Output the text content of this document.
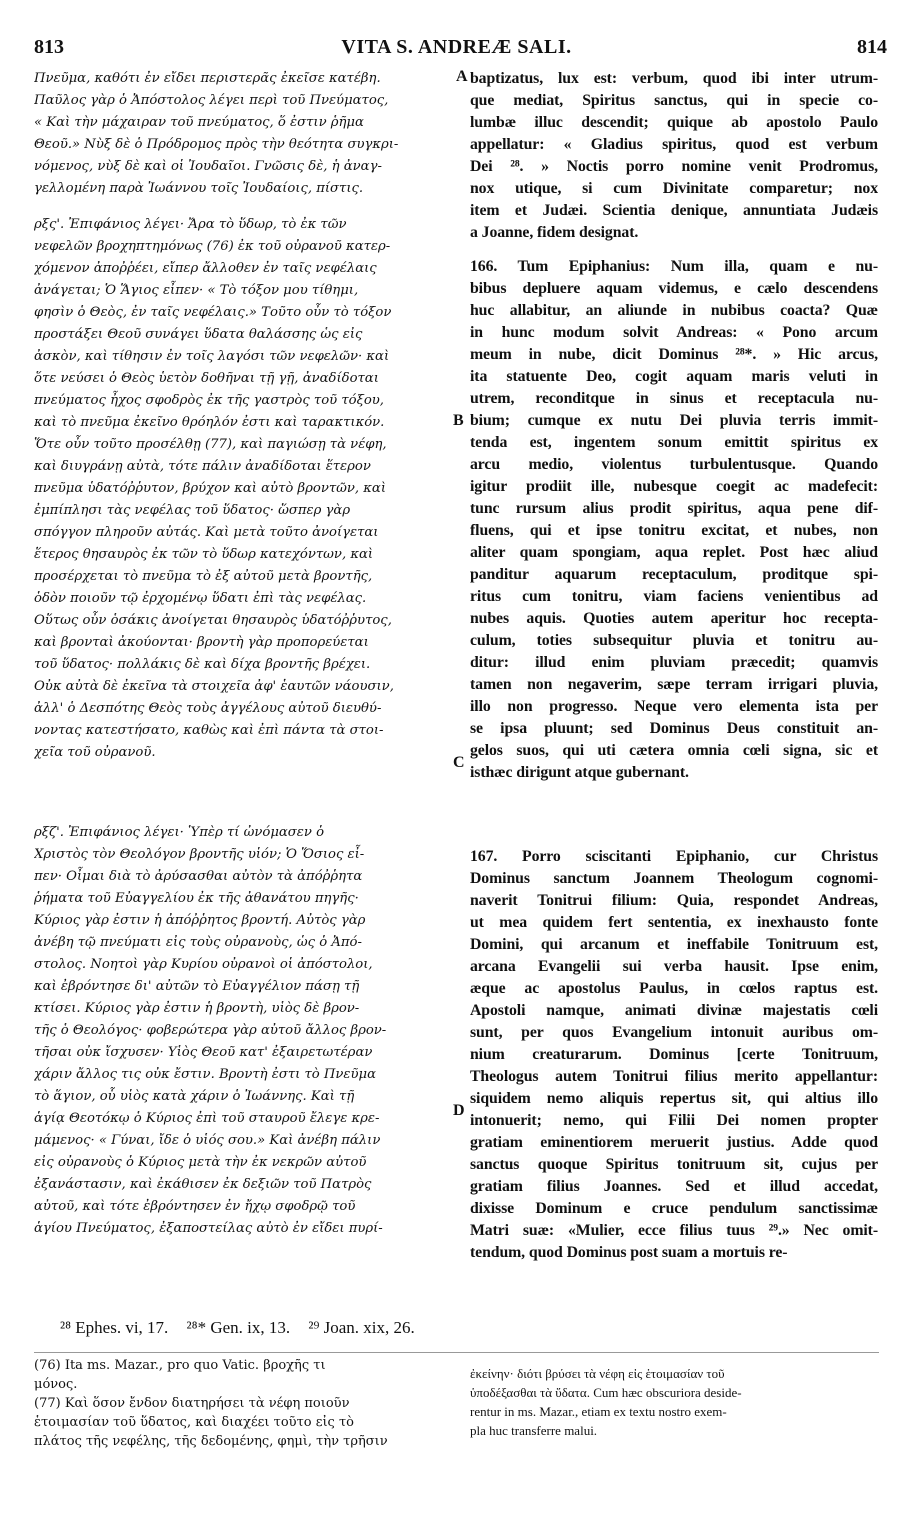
813	VITA S. ANDREÆ SALI.	814
Πνεῦμα, καθότι ἐν εἴδει περιστερᾶς ἐκεῖσε κατέβη.
Παῦλος γὰρ ὁ Ἀπόστολος λέγει περὶ τοῦ Πνεύματος,
« Καὶ τὴν μάχαιραν τοῦ πνεύματος, ὅ ἐστιν ῥῆμα
Θεοῦ.» Νὺξ δὲ ὁ Πρόδρομος πρὸς τὴν θεότητα συγκρι-
νόμενος, νὺξ δὲ καὶ οἱ Ἰουδαῖοι. Γνῶσις δὲ, ἡ ἀναγ-
γελλομένη παρὰ Ἰωάννου τοῖς Ἰουδαίοις, πίστις.
ρξς'. Ἐπιφάνιος λέγει· Ἄρα τὸ ὕδωρ, τὸ ἐκ τῶν
νεφελῶν βροχηπτημόνως (76) ἐκ τοῦ οὐρανοῦ κατερ-
χόμενον ἀποῤῥέει, εἴπερ ἄλλοθεν ἐν ταῖς νεφέλαις
ἀνάγεται; Ὁ Ἅγιος εἶπεν· « Τὸ τόξον μου τίθημι,
φησὶν ὁ Θεὸς, ἐν ταῖς νεφέλαις.» Τοῦτο οὖν τὸ τόξον
προστάξει Θεοῦ συνάγει ὕδατα θαλάσσης ὡς εἰς
ἀσκὸν, καὶ τίθησιν ἐν τοῖς λαγόσι τῶν νεφελῶν· καὶ
ὅτε νεύσει ὁ Θεὸς ὑετὸν δοθῆναι τῇ γῇ, ἀναδίδοται
πνεύματος ἦχος σφοδρὸς ἐκ τῆς γαστρὸς τοῦ τόξου,
καὶ τὸ πνεῦμα ἐκεῖνο θρόηλόν ἐστι καὶ ταρακτικόν.
Ὅτε οὖν τοῦτο προσέλθῃ (77), καὶ παγιώσῃ τὰ νέφη,
καὶ διυγράνῃ αὐτὰ, τότε πάλιν ἀναδίδοται ἕτερον
πνεῦμα ὑδατόῤῥυτον, βρύχον καὶ αὐτὸ βροντῶν, καὶ
ἐμπίπλησι τὰς νεφέλας τοῦ ὕδατος· ὥσπερ γὰρ
σπόγγον πληροῦν αὐτάς. Καὶ μετὰ τοῦτο ἀνοίγεται
ἕτερος θησαυρὸς ἐκ τῶν τὸ ὕδωρ κατεχόντων, καὶ
προσέρχεται τὸ πνεῦμα τὸ ἐξ αὐτοῦ μετὰ βροντῆς,
ὁδὸν ποιοῦν τῷ ἐρχομένῳ ὕδατι ἐπὶ τὰς νεφέλας.
Οὕτως οὖν ὁσάκις ἀνοίγεται θησαυρὸς ὑδατόῤῥυτος,
καὶ βρονταὶ ἀκούονται· βροντὴ γὰρ προπορεύεται
τοῦ ὕδατος· πολλάκις δὲ καὶ δίχα βροντῆς βρέχει.
Οὐκ αὐτὰ δὲ ἐκεῖνα τὰ στοιχεῖα ἀφ' ἑαυτῶν νάουσιν,
ἀλλ' ὁ Δεσπότης Θεὸς τοὺς ἀγγέλους αὐτοῦ διευθύ-
νοντας κατεστήσατο, καθὼς καὶ ἐπὶ πάντα τὰ στοι-
χεῖα τοῦ οὐρανοῦ.
ρξζ'. Ἐπιφάνιος λέγει· Ὑπὲρ τί ὠνόμασεν ὁ
Χριστὸς τὸν Θεολόγον βροντῆς υἱόν; Ὁ Ὅσιος εἶ-
πεν· Οἶμαι διὰ τὸ ἀρύσασθαι αὐτὸν τὰ ἀπόῤῥητα
ῥήματα τοῦ Εὐαγγελίου ἐκ τῆς ἀθανάτου πηγῆς·
Κύριος γὰρ ἐστιν ἡ ἀπόῤῥητος βροντή. Αὐτὸς γὰρ
ἀνέβη τῷ πνεύματι εἰς τοὺς οὐρανοὺς, ὡς ὁ Ἀπό-
στολος. Νοητοὶ γὰρ Κυρίου οὐρανοὶ οἱ ἀπόστολοι,
καὶ ἐβρόντησε δι' αὐτῶν τὸ Εὐαγγέλιον πάσῃ τῇ
κτίσει. Κύριος γὰρ ἐστιν ἡ βροντὴ, υἱὸς δὲ βρον-
τῆς ὁ Θεολόγος· φοβερώτερα γὰρ αὐτοῦ ἄλλος βρον-
τῆσαι οὐκ ἴσχυσεν· Υἱὸς Θεοῦ κατ' ἐξαιρετωτέραν
χάριν ἄλλος τις οὐκ ἔστιν. Βροντὴ ἐστι τὸ Πνεῦμα
τὸ ἅγιον, οὗ υἱὸς κατὰ χάριν ὁ Ἰωάννης. Καὶ τῇ
ἁγίᾳ Θεοτόκῳ ὁ Κύριος ἐπὶ τοῦ σταυροῦ ἔλεγε κρε-
μάμενος· « Γύναι, ἴδε ὁ υἱός σου.» Καὶ ἀνέβη πάλιν
εἰς οὐρανοὺς ὁ Κύριος μετὰ τὴν ἐκ νεκρῶν αὐτοῦ
ἐξανάστασιν, καὶ ἐκάθισεν ἐκ δεξιῶν τοῦ Πατρὸς
αὐτοῦ, καὶ τότε ἐβρόντησεν ἐν ἤχῳ σφοδρῷ τοῦ
ἁγίου Πνεύματος, ἐξαποστείλας αὐτὸ ἐν εἴδει πυρί-
baptizatus, lux est: verbum, quod ibi inter utrum-
que mediat, Spiritus sanctus, qui in specie co-
lumbæ illuc descendit; quique ab apostolo Paulo
appellatur: « Gladius spiritus, quod est verbum
Dei ²⁸. » Noctis porro nomine venit Prodromus,
nox utique, si cum Divinitate comparetur; nox
item et Judæi. Scientia denique, annuntiata Judæis
a Joanne, fidem designat.
166. Tum Epiphanius: Num illa, quam e nu-
bibus depluere aquam videmus, e cælo descendens
huc allabitur, an aliunde in nubibus coacta? Quæ
in hunc modum solvit Andreas: « Pono arcum
meum in nube, dicit Dominus ²⁸*. » Hic arcus,
ita statuente Deo, cogit aquam maris veluti in
utrem, reconditque in sinus et receptacula nu-
bium; cumque ex nutu Dei pluvia terris immit-
tenda est, ingentem sonum emittit spiritus ex
arcu medio, violentus turbulentusque. Quando
igitur prodiit ille, nubesque coegit ac madefecit:
tunc rursum alius prodit spiritus, aqua pene dif-
fluens, qui et ipse tonitru excitat, et nubes, non
aliter quam spongiam, aqua replet. Post hæc aliud
panditur aquarum receptaculum, proditque spi-
ritus cum tonitru, viam faciens venientibus ad
nubes aquis. Quoties autem aperitur hoc recepta-
culum, toties subsequitur pluvia et tonitru au-
ditur: illud enim pluviam præcedit; quamvis
tamen non negaverim, sæpe terram irrigari pluvia,
illo non progresso. Neque vero elementa ista per
se ipsa pluunt; sed Dominus Deus constituit an-
gelos suos, qui uti cætera omnia cœli signa, sic et
isthæc dirigunt atque gubernant.
167. Porro sciscitanti Epiphanio, cur Christus
Dominus sanctum Joannem Theologum cognomi-
naverit Tonitrui filium: Quia, respondet Andreas,
ut mea quidem fert sententia, ex inexhausto fonte
Domini, qui arcanum et ineffabile Tonitruum est,
arcana Evangelii sui verba hausit. Ipse enim,
æque ac apostolus Paulus, in cœlos raptus est.
Apostoli namque, animati divinæ majestatis cœli
sunt, per quos Evangelium intonuit auribus om-
nium creaturarum. Dominus [certe Tonitruum,
Theologus autem Tonitrui filius merito appellantur:
siquidem nemo aliquis repertus sit, qui altius illo
intonuerit; nemo, qui Filii Dei nomen propter
gratiam eminentiorem meruerit justius. Adde quod
sanctus quoque Spiritus tonitruum sit, cujus per
gratiam filius Joannes. Sed et illud accedat,
dixisse Dominum e cruce pendulum sanctissimæ
Matri suæ: «Mulier, ecce filius tuus ²⁹.» Nec omit-
tendum, quod Dominus post suam a mortuis re-
A
B
C
D
²⁸ Ephes. vi, 17. ²⁸* Gen. ix, 13. ²⁹ Joan. xix, 26.
(76) Ita ms. Mazar., pro quo Vatic. βροχῆς τι
μόνος.
(77) Καὶ ὅσον ἔνδον διατηρήσει τὰ νέφη ποιοῦν
ἑτοιμασίαν τοῦ ὕδατος, καὶ διαχέει τοῦτο εἰς τὸ
πλάτος τῆς νεφέλης, τῆς δεδομένης, φημὶ, τὴν τρῆσιν
ἐκείνην· διότι βρύσει τὰ νέφη εἰς ἑτοιμασίαν τοῦ
ὑποδέξασθαι τὰ ὕδατα. Cum hæc obscuriora deside-
rentur in ms. Mazar., etiam ex textu nostro exem-
pla huc transferre malui.
